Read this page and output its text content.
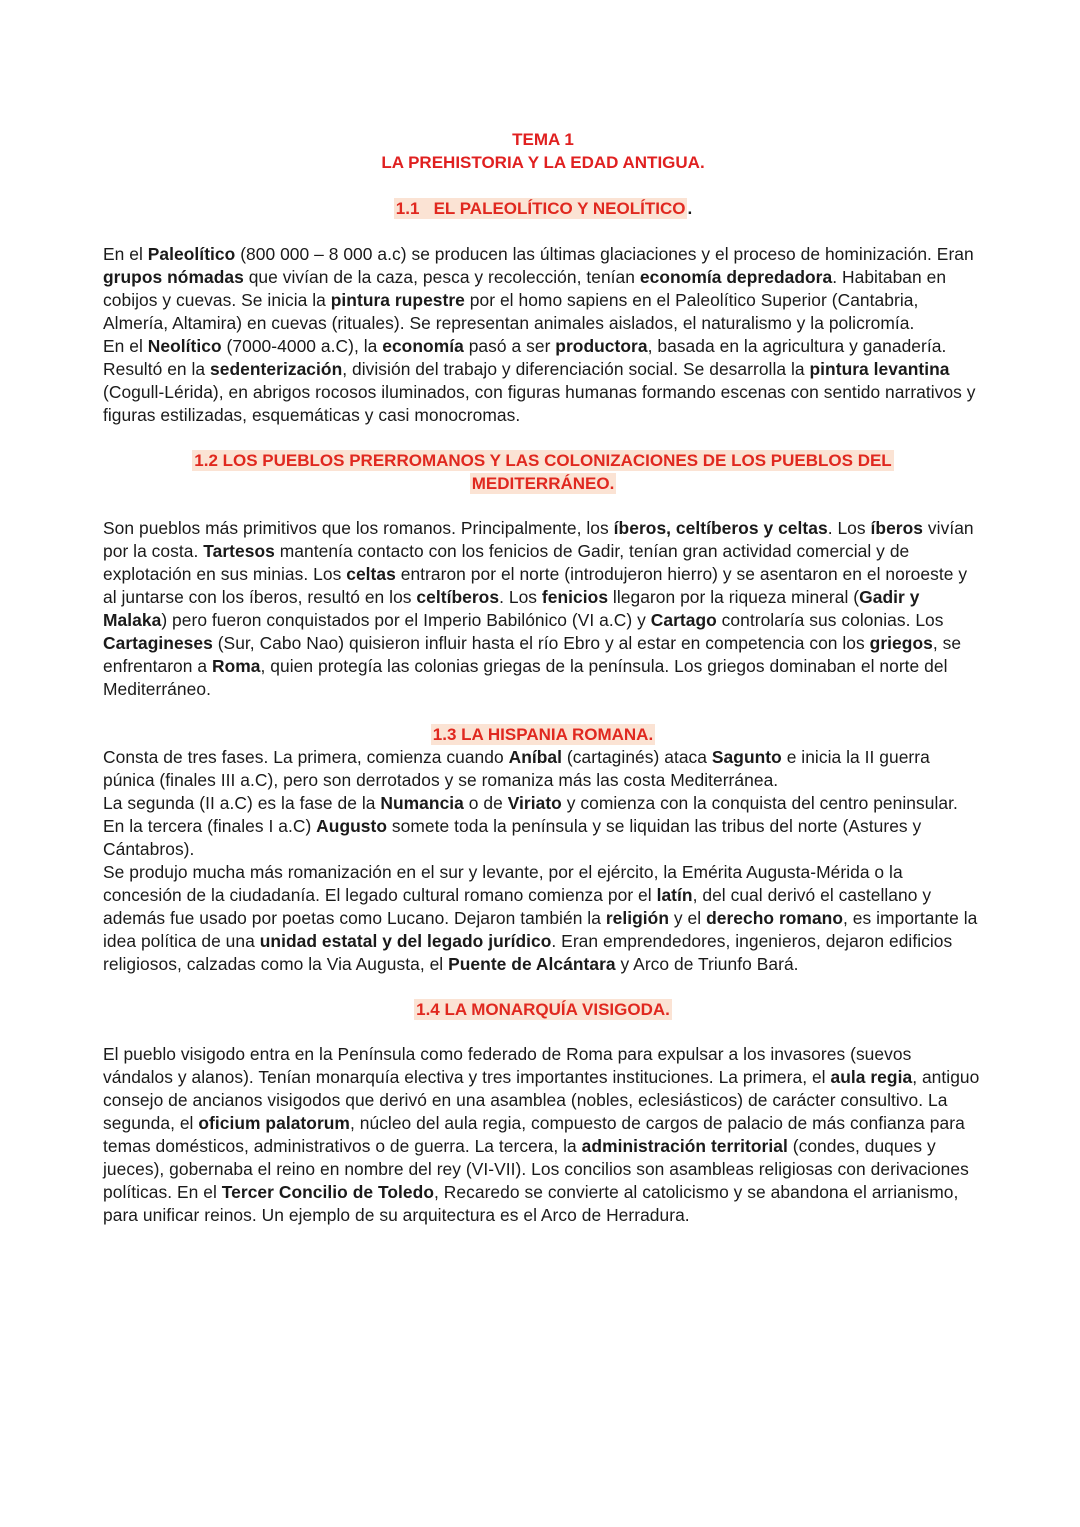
TEMA 1
LA PREHISTORIA Y LA EDAD ANTIGUA.
1.1   EL PALEOLÍTICO Y NEOLÍTICO .

En el Paleolítico (800 000 – 8 000 a.c) se producen las últimas glaciaciones y el proceso de hominización. Eran grupos nómadas que vivían de la caza, pesca y recolección, tenían economía depredadora. Habitaban en cobijos y cuevas. Se inicia la pintura rupestre por el homo sapiens en el Paleolítico Superior (Cantabria, Almería, Altamira) en cuevas (rituales). Se representan animales aislados, el naturalismo y la policromía.

En el Neolítico (7000-4000 a.C), la economía pasó a ser productora, basada en la agricultura y ganadería. Resultó en la sedenterización, división del trabajo y diferenciación social. Se desarrolla la pintura levantina (Cogull-Lérida), en abrigos rocosos iluminados, con figuras humanas formando escenas con sentido narrativos y figuras estilizadas, esquemáticas y casi monocromas.

1.2 LOS PUEBLOS PRERROMANOS Y LAS COLONIZACIONES DE LOS PUEBLOS DEL
MEDITERRÁNEO.

Son pueblos más primitivos que los romanos. Principalmente, los íberos, celtíberos y celtas. Los íberos vivían por la costa. Tartesos mantenía contacto con los fenicios de Gadir, tenían gran actividad comercial y de explotación en sus minias. Los celtas entraron por el norte (introdujeron hierro) y se asentaron en el noroeste y al juntarse con los íberos, resultó en los celtíberos. Los fenicios llegaron por la riqueza mineral (Gadir y Malaka) pero fueron conquistados por el Imperio Babilónico (VI a.C) y Cartago controlaría sus colonias. Los Cartagineses (Sur, Cabo Nao) quisieron influir hasta el río Ebro y al estar en competencia con los griegos, se enfrentaron a Roma, quien protegía las colonias griegas de la península. Los griegos dominaban el norte del Mediterráneo.

1.3 LA HISPANIA ROMANA.

Consta de tres fases. La primera, comienza cuando Aníbal (cartaginés) ataca Sagunto e inicia la II guerra púnica (finales III a.C), pero son derrotados y se romaniza más las costa Mediterránea.

La segunda (II a.C) es la fase de la Numancia o de Viriato y comienza con la conquista del centro peninsular. En la tercera (finales I a.C) Augusto somete toda la península y se liquidan las tribus del norte (Astures y Cántabros).

Se produjo mucha más romanización en el sur y levante, por el ejército, la Emérita Augusta-Mérida o la concesión de la ciudadanía. El legado cultural romano comienza por el latín, del cual derivó el castellano y además fue usado por poetas como Lucano. Dejaron también la religión y el derecho romano, es importante la idea política de una unidad estatal y del legado jurídico. Eran emprendedores, ingenieros, dejaron edificios religiosos, calzadas como la Via Augusta, el Puente de Alcántara y Arco de Triunfo Bará.

1.4 LA MONARQUÍA VISIGODA.

El pueblo visigodo entra en la Península como federado de Roma para expulsar a los invasores (suevos vándalos y alanos). Tenían monarquía electiva y tres importantes instituciones. La primera, el aula regia, antiguo consejo de ancianos visigodos que derivó en una asamblea (nobles, eclesiásticos) de carácter consultivo. La segunda, el oficium palatorum, núcleo del aula regia, compuesto de cargos de palacio de más confianza para temas domésticos, administrativos o de guerra. La tercera, la administración territorial (condes, duques y jueces), gobernaba el reino en nombre del rey (VI-VII). Los concilios son asambleas religiosas con derivaciones políticas. En el Tercer Concilio de Toledo, Recaredo se convierte al catolicismo y se abandona el arrianismo, para unificar reinos. Un ejemplo de su arquitectura es el Arco de Herradura.
